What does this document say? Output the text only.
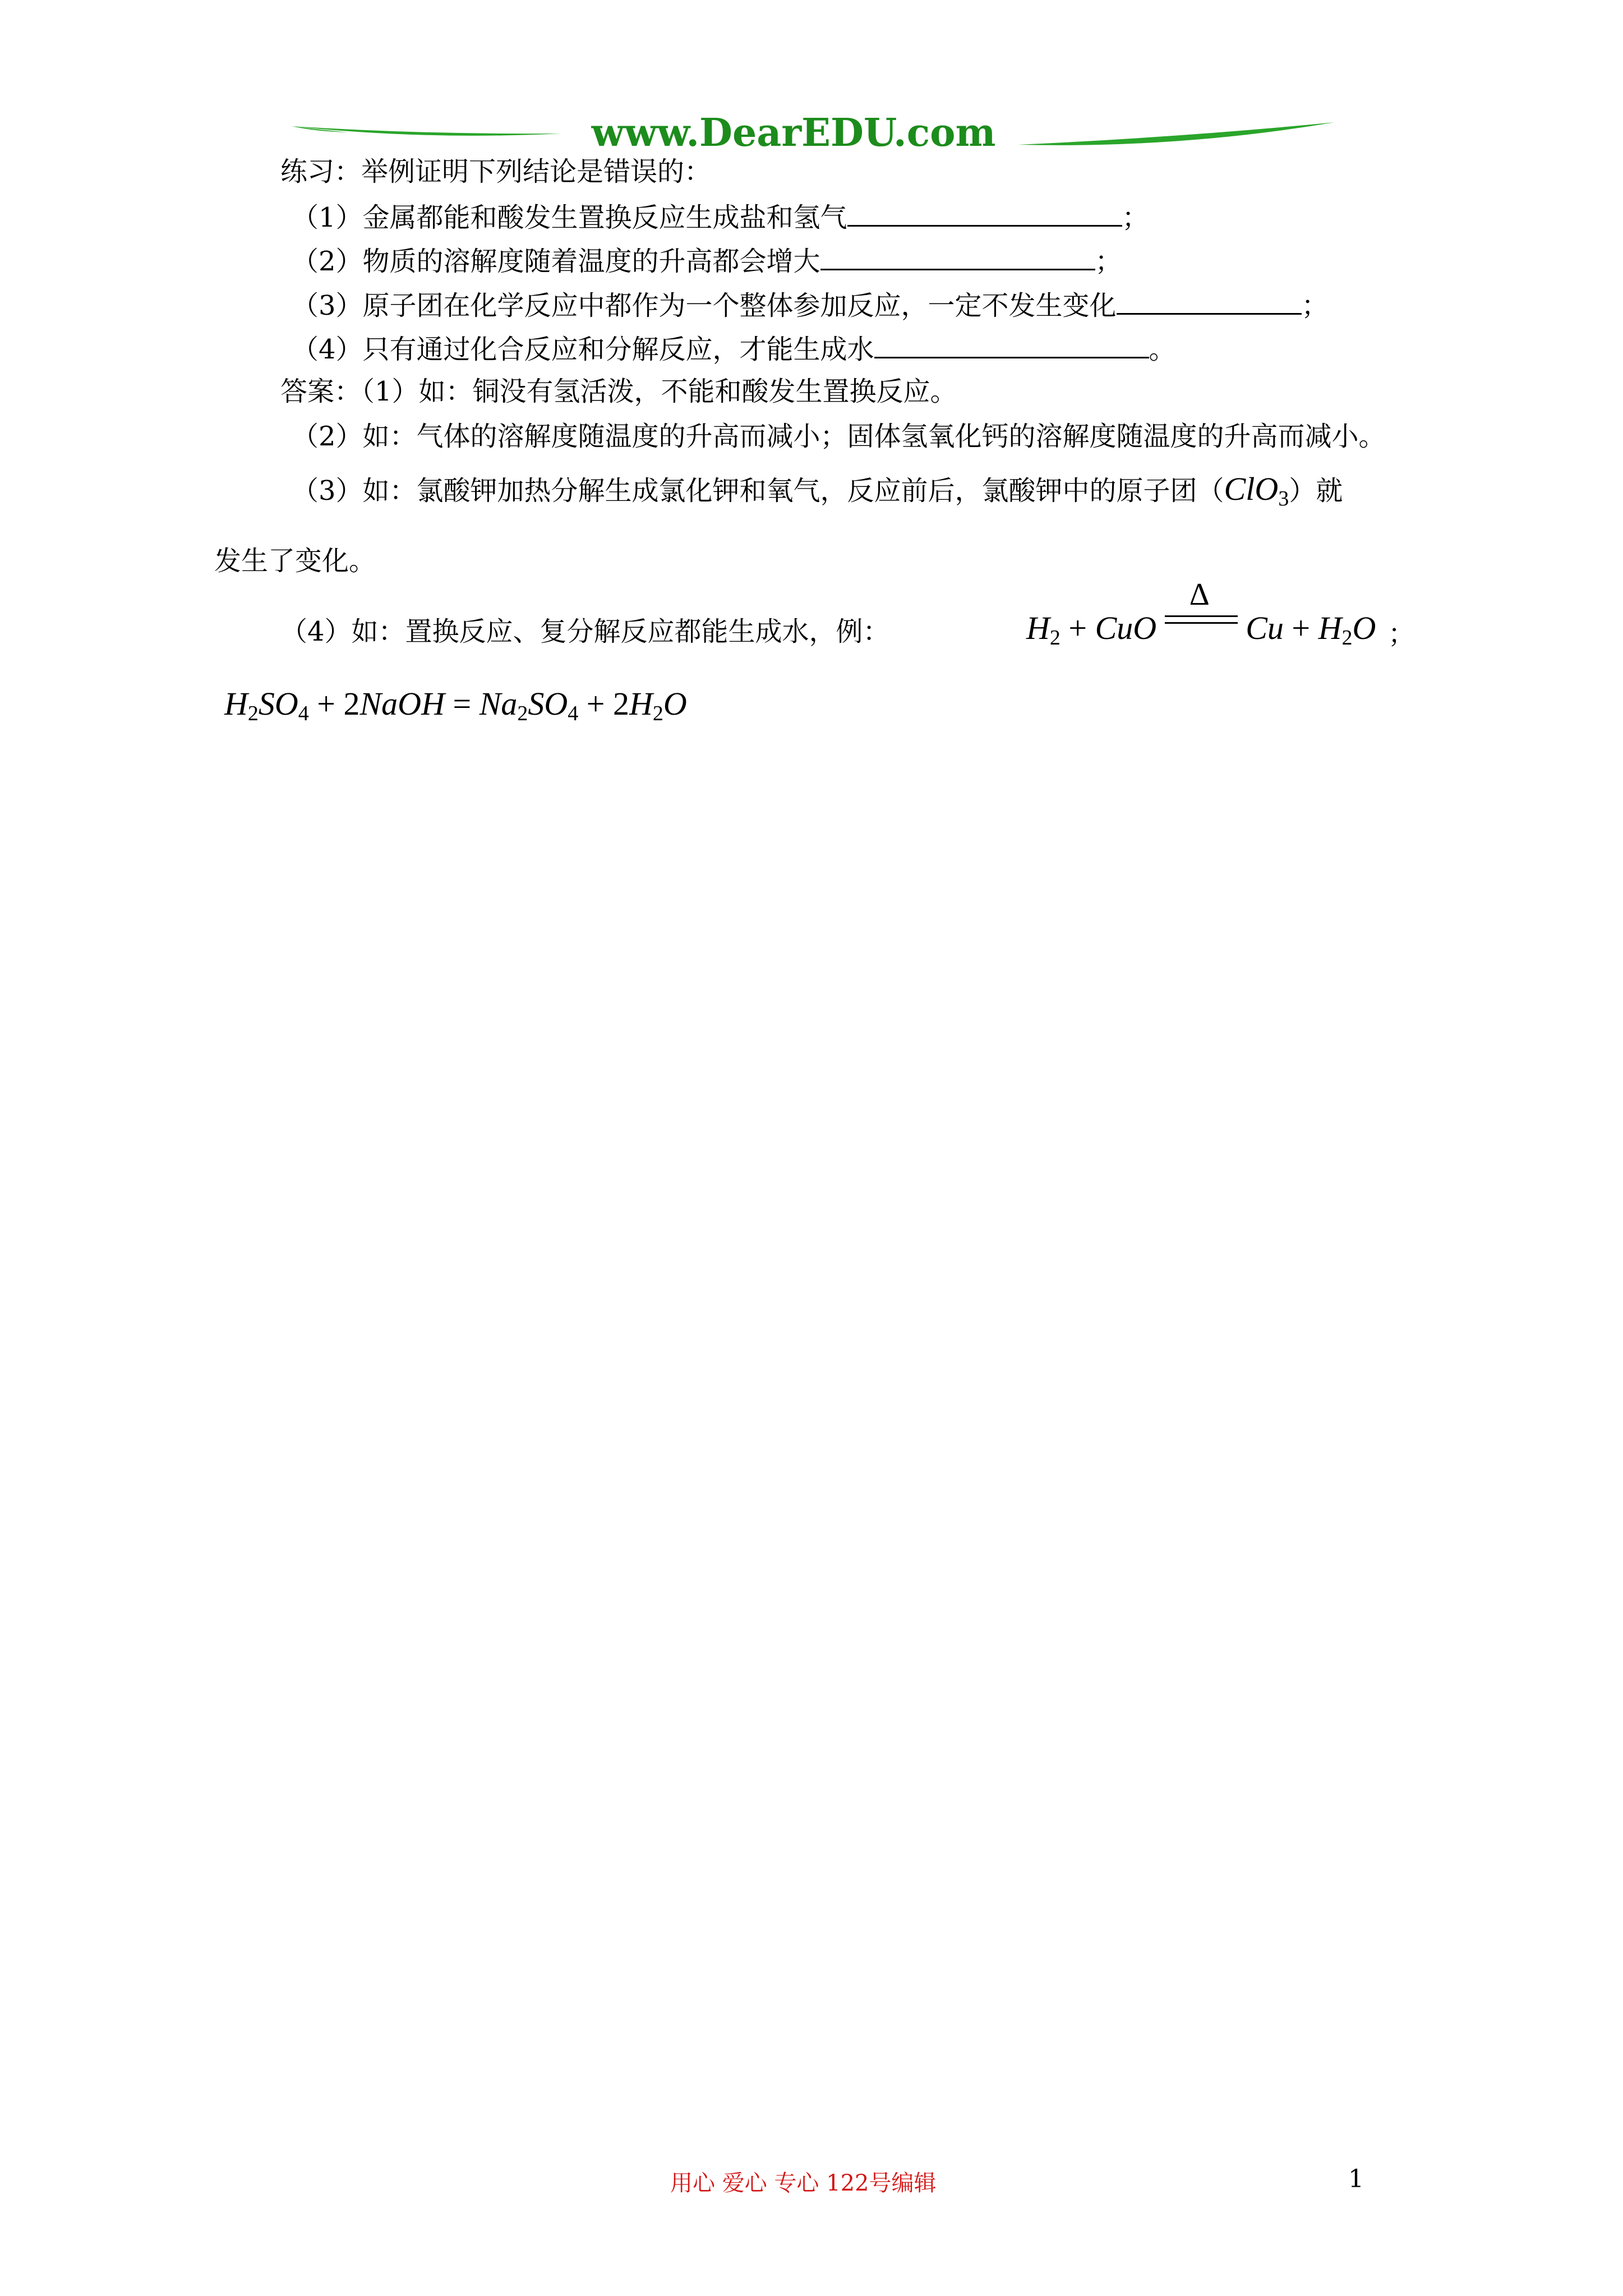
www.DearEDU.com
练习：举例证明下列结论是错误的：
（1）金属都能和酸发生置换反应生成盐和氢气	；
（2）物质的溶解度随着温度的升高都会增大	；
（3）原子团在化学反应中都作为一个整体参加反应，一定不发生变化	；
（4）只有通过化合反应和分解反应，才能生成水	。
答案：（1）如：铜没有氢活泼，不能和酸发生置换反应。
（2）如：气体的溶解度随温度的升高而减小；固体氢氧化钙的溶解度随温度的升高而减小。
（3）如：氯酸钾加热分解生成氯化钾和氧气，反应前后，氯酸钾中的原子团（ClO$_3$）就
发生了变化。
（4）如：置换反应、复分解反应都能生成水，例：	$H_2$ + CuO
Δ
$Cu + H_2O$ ；
$H_2SO_4$ + 2NaOH = $Na_2SO_4 + 2H_2O$
用心 爱心 专心 122号编辑	1
